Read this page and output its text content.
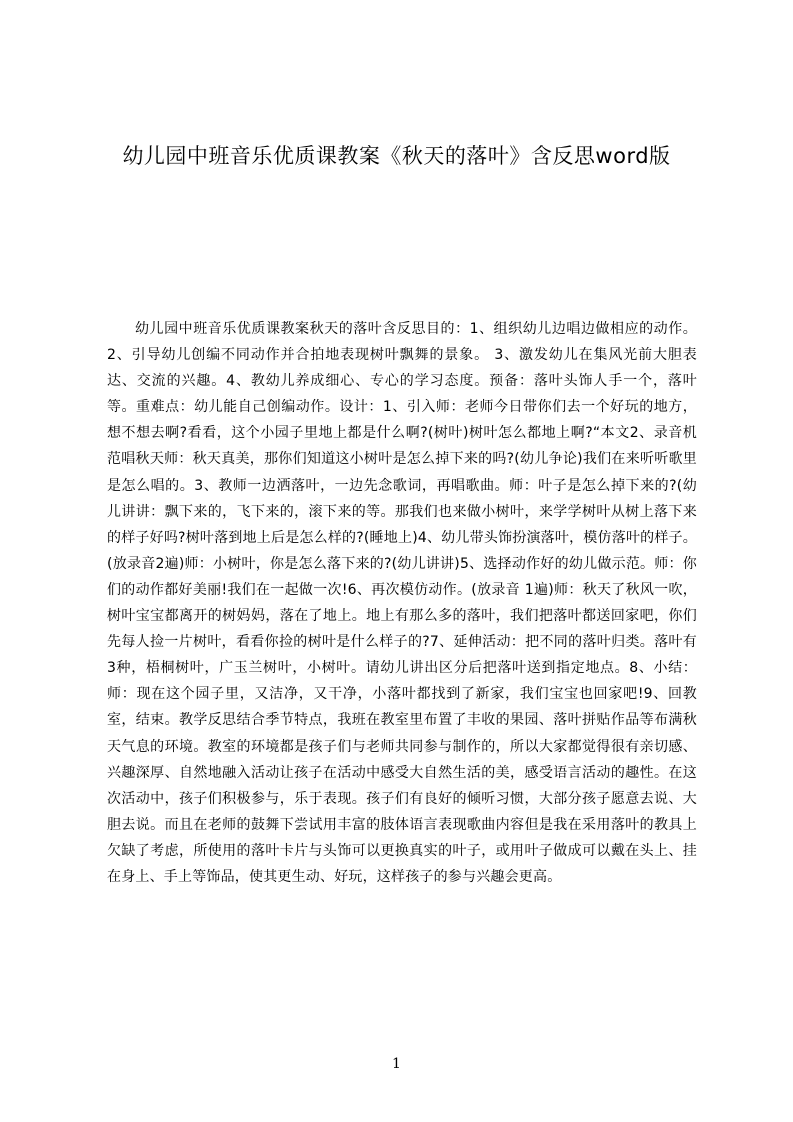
幼儿园中班音乐优质课教案《秋天的落叶》含反思word版

幼儿园中班音乐优质课教案秋天的落叶含反思目的：1、组织幼儿边唱边做相应的动作。2、引导幼儿创编不同动作并合拍地表现树叶飘舞的景象。 3、激发幼儿在集风光前大胆表达、交流的兴趣。4、教幼儿养成细心、专心的学习态度。预备：落叶头饰人手一个，落叶等。重难点：幼儿能自己创编动作。设计：1、引入师：老师今日带你们去一个好玩的地方，想不想去啊?看看，这个小园子里地上都是什么啊?(树叶)树叶怎么都地上啊?“本文2、录音机范唱秋天师：秋天真美，那你们知道这小树叶是怎么掉下来的吗?(幼儿争论)我们在来听听歌里是怎么唱的。3、教师一边洒落叶，一边先念歌词，再唱歌曲。师：叶子是怎么掉下来的?(幼儿讲讲：飘下来的，飞下来的，滚下来的等。那我们也来做小树叶，来学学树叶从树上落下来的样子好吗?树叶落到地上后是怎么样的?(睡地上)4、幼儿带头饰扮演落叶，模仿落叶的样子。(放录音2遍)师：小树叶，你是怎么落下来的?(幼儿讲讲)5、选择动作好的幼儿做示范。师：你们的动作都好美丽!我们在一起做一次!6、再次模仿动作。(放录音 1遍)师：秋天了秋风一吹，树叶宝宝都离开的树妈妈，落在了地上。地上有那么多的落叶，我们把落叶都送回家吧，你们先每人捡一片树叶，看看你捡的树叶是什么样子的?7、延伸活动：把不同的落叶归类。落叶有3种，梧桐树叶，广玉兰树叶，小树叶。请幼儿讲出区分后把落叶送到指定地点。8、小结：师：现在这个园子里，又洁净，又干净，小落叶都找到了新家，我们宝宝也回家吧!9、回教室，结束。教学反思结合季节特点，我班在教室里布置了丰收的果园、落叶拼贴作品等布满秋天气息的环境。教室的环境都是孩子们与老师共同参与制作的，所以大家都觉得很有亲切感、兴趣深厚、自然地融入活动让孩子在活动中感受大自然生活的美，感受语言活动的趣性。在这次活动中，孩子们积极参与，乐于表现。孩子们有良好的倾听习惯，大部分孩子愿意去说、大胆去说。而且在老师的鼓舞下尝试用丰富的肢体语言表现歌曲内容但是我在采用落叶的教具上欠缺了考虑，所使用的落叶卡片与头饰可以更换真实的叶子，或用叶子做成可以戴在头上、挂在身上、手上等饰品，使其更生动、好玩，这样孩子的参与兴趣会更高。

1
